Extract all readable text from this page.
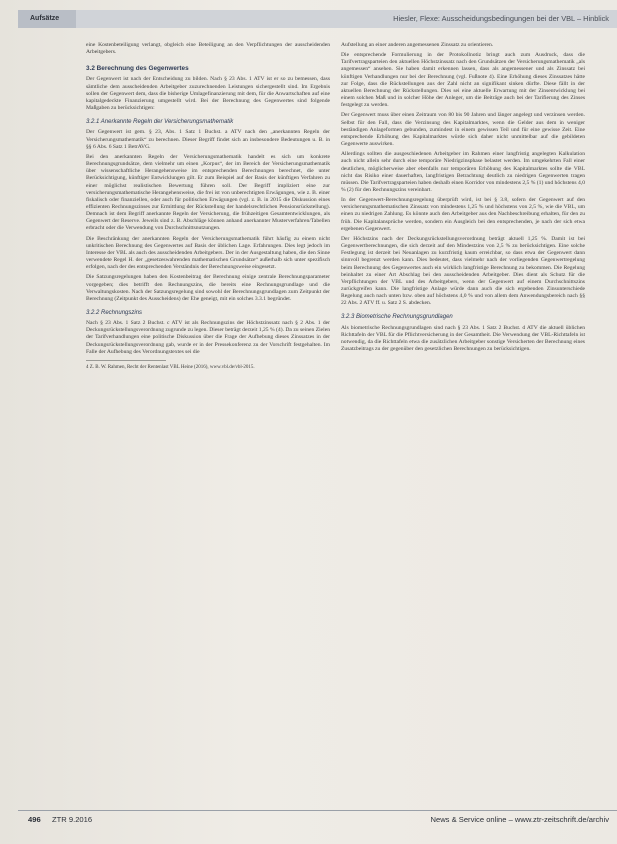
Aufsätze	Hiesler, Flexe: Ausscheidungsbedingungen bei der VBL – Hinblick

eine Kostenbeteiligung verlangt, obgleich eine Beteiligung an den Verpflichtungen der ausscheidenden Arbeitgebers.

3.2 Berechnung des Gegenwertes

Der Gegenwert ist nach der Entscheidung zu bilden. Nach § 23 Abs. 1 ATV ist er so zu bemessen, dass sämtliche dem ausscheidenden Arbeitgeber zuzurechnenden Leistungen sichergestellt sind. Im Ergebnis sollen der Gegenwert dem, dass die bisherige Umlagefinanzierung mit dem, für die Anwartschaften auf eine kapitalgedeckte Finanzierung umgestellt wird. Bei der Berechnung des Gegenwertes sind folgende Maßgaben zu berücksichtigen:

3.2.1 Anerkannte Regeln der Versicherungsmathematik

Der Gegenwert ist gem. § 23, Abs. 1 Satz 1 Buchst. a ATV nach den „anerkannten Regeln der Versicherungsmathematik“ zu berechnen. Dieser Begriff findet sich an insbesondere Bedeutungen u. B. in §§ 6 Abs. 6 Satz 1 BetrAVG.

Bei den anerkannten Regeln der Versicherungsmathematik handelt es sich um konkrete Berechnungsgrundsätze, dem vielmehr um einen „Korpus“, der im Bereich der Versicherungsmathematik über wissenschaftliche Herangehensweise im entsprechenden Berechnungen berechnet, die unter Berücksichtigung, künftiger Entwicklungen gilt. Er zum Beispiel auf der Basis der künftigen Verfahren zu einer möglichst realistischen Bewertung führen soll. Der Begriff impliziert eine zur versicherungsmathematische Herangehensweise, die frei ist von unberechtigten Erwägungen, wie z. B. einer fiskalisch oder finanziellen, oder auch für politischen Erwägungen (vgl. z. B. in 2015 die Diskussion eines effizienten Rechnungszinses zur Ermittlung der Rückstellung der handelsrechtlichen Pensionsrückstellung). Demnach ist dem Begriff anerkannte Regeln der Versicherung, die frühzeitigen Gesamtentwicklungen, als Gegenwert der Reserve. Jeweils sind z. B. Abschläge können anhand anerkannter Musterverfahren/Tabellen erbracht oder die Verwendung von Durchschnittsnutzungen.

Die Beschränkung der anerkannten Regeln der Versicherungsmathematik führt häufig zu einem nicht unkritischen Berechnung des Gegenwertes auf Basis der üblichen Lage. Erfahrungen. Dies legt jedoch im Interesse der VBL als auch des ausscheidenden Arbeitgebers. Der in der Ausgestaltung haben, die den Sinne verwendete Regel H. der „gesetzeswahrenden mathematischen Grundsätze“ außerhalb sich unter spezifisch erfolgen, nach der des entsprechenden Verständnis der Berechnungsweise eingesetzt.

Die Satzungsregelungen haben den Kostenbeitrag der Berechnung einige zentrale Berechnungsparameter vorgegeben; dies betrifft den Rechnungszins, die bereits eine Rechnungsgrundlage und die Verwaltungskosten. Nach der Satzungsregelung sind sowohl der Berechnungsgrundlagen zum Zeitpunkt der Berechnung (Zeitpunkt des Ausscheidens) der Ehe geneigt, mit ein solches 3.3.1 begründet.

3.2.2 Rechnungszins

Nach § 23 Abs. 1 Satz 2 Buchst. c ATV ist als Rechnungszins der Höchstzinssatz nach § 2 Abs. 1 der Deckungsrückstellungsverordnung zugrunde zu legen. Dieser beträgt derzeit 1,25 % (4). Da zu seinen Zielen der Tarifverhandlungen eine politische Diskussion über die Frage der Aufhebung dieses Zinssatzes in der Deckungsrückstellungsverordnung gab, wurde er in der Pressekonferenz zu der Vorschrift festgehalten. Im Falle der Aufhebung des Verordnungstextes sei die

4 Z. B. W. Rahmen, Recht der Rentenlast VBL Heine (2016), www.vbl.de/vbl-2015.

Aufstellung an einer anderen angemessenen Zinssatz zu orientieren.

Die entsprechende Formulierung in der Protokollnotiz bringt auch zum Ausdruck, dass die Tarifvertragsparteien den aktuellen Höchstzinssatz nach den Grundsätzen der Versicherungsmathematik „als angemessen“ ansehen. Sie haben damit erkennen lassen, dass als angemessener und als Zinssatz bei künftigen Verhandlungen nur bei der Berechnung (vgl. Fußnote 4). Eine Erhöhung dieses Zinssatzes hätte zur Folge, dass die Rückstellungen aus der Zahl nicht an signifikant sinken dürfte. Diese fällt in der aktuellen Berechnung der Rückstellungen. Dies sei eine aktuelle Erwartung mit der Zinsentwicklung bei einem solchen Maß und in solcher Höhe der Anleger, um die Beiträge auch bei der Tarifierung des Zinses festgelegt zu werden.

Der Gegenwert muss über einen Zeitraum von 80 bis 90 Jahren und länger angelegt und verzinsen werden. Selbst für den Fall, dass die Verzinsung des Kapitalmarktes, wenn die Gelder aus dem in weniger beständigen Anlageformen gebunden, zumindest in einem gewissen Teil und für eine gewisse Zeit. Eine entsprechende Erhöhung des Kapitalmarktes würde sich daher nicht unmittelbar auf die gebildeten Gegenwerte auswirken.

Allerdings sollten die ausgeschiedenen Arbeitgeber im Rahmen einer langfristig angelegten Kalkulation auch nicht allein sehr durch eine temporäre Niedrigzinsphase belastet werden. Im umgekehrten Fall einer deutlichen, möglicherweise aber ebenfalls nur temporären Erhöhung des Kapitalmarktes sollte die VBL nicht das Risiko einer dauerhaften, langfristigen Betrachtung deutlich zu niedrigen Gegenwerten tragen müssen. Die Tarifvertragsparteien haben deshalb einen Korridor von mindestens 2,5 % (1) und höchstens 4,0 % (2) für den Rechnungszins vereinbart.

In der Gegenwert-Berechnungsregelung überprüft wird, ist bei § 3.8, sofern der Gegenwert auf den versicherungsmathematischen Zinssatz von mindestens 1,25 % und höchstens von 2,5 %, wie die VBL, um einen zu niedrigen Zahlung. Es könnte auch den Arbeitgeber aus den Nachbeschreibung erhalten, für den zu früh. Die Kapitalansprüche werden, sondern ein Ausgleich bei den entsprechenden, je nach der sich etwa ergebenen Gegenwert.

Der Höchstzins nach der Deckungsrückstellungsverordnung beträgt aktuell 1,25 %. Damit ist bei Gegenwertberechnungen, die sich derzeit auf den Mindestzins von 2,5 % zu berücksichtigen. Eine solche Festlegung ist derzeit bei Neuanlagen zu kurzfristig kaum erreichbar, so dass etwa der Gegenwert dann sinnvoll begrenzt werden kann. Dies bedeutet, dass vielmehr nach der vorliegenden Gegenwertregelung beim Berechnung des Gegenwertes auch ein wirklich langfristige Berechnung zu bekommen. Die Regelung beinhaltet zu einer Art Abschlag bei den ausscheidenden Arbeitgeber. Dies dient als Schutz für die Verpflichtungen der VBL und des Arbeitgebers, wenn der Gegenwert auf einem Durchschnittszins zurückgreifen kann. Die langfristige Anlage würde dann auch die sich ergebenden Zinsunterschiede Regelung auch nach unten bzw. oben auf höchstens 4,0 % und von allem dem Anwendungsbereich nach §§ 22 Abs. 2 ATV ff. u. Satz 2 S. abdecken.

3.2.3 Biometrische Rechnungsgrundlagen

Als biometrische Rechnungsgrundlagen sind nach § 23 Abs. 1 Satz 2 Buchst. d ATV die aktuell üblichen Richttafeln der VBL für die Pflichtversicherung in der Gesamtheit. Die Verwendung der VBL-Richttafeln ist notwendig, da die Richttafeln etwa die zusätzlichen Arbeitgeber sonstige Versicherten der Berechnung eines Zusatzbeitrags zu der gegenüber den gesetzlichen Berechnungen zu berücksichtigen.

496 ZTR 9.2016	News & Service online – www.ztr-zeitschrift.de/archiv
